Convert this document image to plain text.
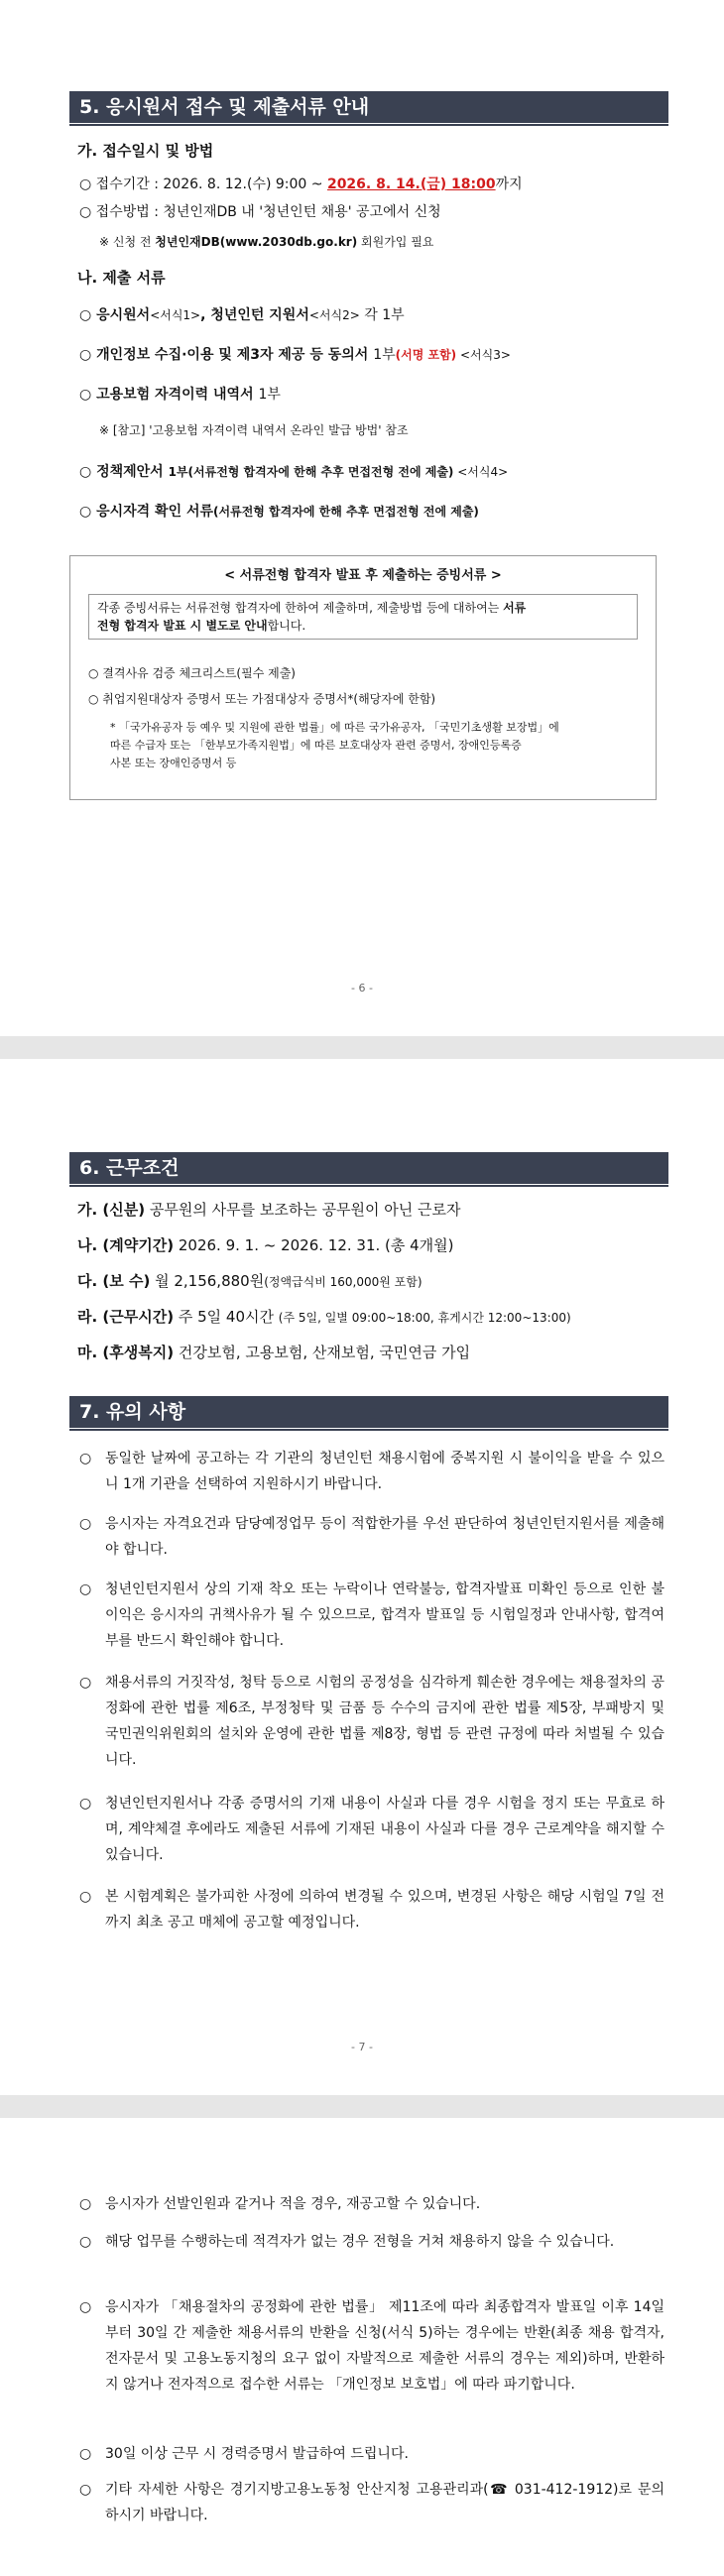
5. 응시원서 접수 및 제출서류 안내
가. 접수일시 및 방법
○ 접수기간 : 2026. 8. 12.(수) 9:00 ~ 2026. 8. 14.(금) 18:00까지
○ 접수방법 : 청년인재DB 내 '청년인턴 채용' 공고에서 신청
※ 신청 전 청년인재DB(www.2030db.go.kr) 회원가입 필요
나. 제출 서류
○ 응시원서<서식1>, 청년인턴 지원서<서식2> 각 1부
○ 개인정보 수집·이용 및 제3자 제공 등 동의서 1부(서명 포함) <서식3>
○ 고용보험 자격이력 내역서 1부
※ [참고] '고용보험 자격이력 내역서 온라인 발급 방법' 참조
○ 정책제안서 1부(서류전형 합격자에 한해 추후 면접전형 전에 제출) <서식4>
○ 응시자격 확인 서류(서류전형 합격자에 한해 추후 면접전형 전에 제출)
< 서류전형 합격자 발표 후 제출하는 증빙서류 >
각종 증빙서류는 서류전형 합격자에 한하여 제출하며, 제출방법 등에 대하여는 서류
전형 합격자 발표 시 별도로 안내합니다.
○ 결격사유 검증 체크리스트(필수 제출)
○ 취업지원대상자 증명서 또는 가점대상자 증명서*(해당자에 한함)
* 「국가유공자 등 예우 및 지원에 관한 법률」에 따른 국가유공자, 「국민기초생활 보장법」에
따른 수급자 또는 「한부모가족지원법」에 따른 보호대상자 관련 증명서, 장애인등록증
사본 또는 장애인증명서 등
- 6 -
6. 근무조건
가. (신분) 공무원의 사무를 보조하는 공무원이 아닌 근로자
나. (계약기간) 2026. 9. 1. ~ 2026. 12. 31. (총 4개월)
다. (보 수) 월 2,156,880원(정액급식비 160,000원 포함)
라. (근무시간) 주 5일 40시간 (주 5일, 일별 09:00~18:00, 휴게시간 12:00~13:00)
마. (후생복지) 건강보험, 고용보험, 산재보험, 국민연금 가입
7. 유의 사항
○ 동일한 날짜에 공고하는 각 기관의 청년인턴 채용시험에 중복지원 시 불이익을 받을 수 있으니 1개 기관을 선택하여 지원하시기 바랍니다.
○ 응시자는 자격요건과 담당예정업무 등이 적합한가를 우선 판단하여 청년인턴지원서를 제출해야 합니다.
○ 청년인턴지원서 상의 기재 착오 또는 누락이나 연락불능, 합격자발표 미확인 등으로 인한 불이익은 응시자의 귀책사유가 될 수 있으므로, 합격자 발표일 등 시험일정과 안내사항, 합격여부를 반드시 확인해야 합니다.
○ 채용서류의 거짓작성, 청탁 등으로 시험의 공정성을 심각하게 훼손한 경우에는 채용절차의 공정화에 관한 법률 제6조, 부정청탁 및 금품 등 수수의 금지에 관한 법률 제5장, 부패방지 및 국민권익위원회의 설치와 운영에 관한 법률 제8장, 형법 등 관련 규정에 따라 처벌될 수 있습니다.
○ 청년인턴지원서나 각종 증명서의 기재 내용이 사실과 다를 경우 시험을 정지 또는 무효로 하며, 계약체결 후에라도 제출된 서류에 기재된 내용이 사실과 다를 경우 근로계약을 해지할 수 있습니다.
○ 본 시험계획은 불가피한 사정에 의하여 변경될 수 있으며, 변경된 사항은 해당 시험일 7일 전까지 최초 공고 매체에 공고할 예정입니다.
- 7 -
○ 응시자가 선발인원과 같거나 적을 경우, 재공고할 수 있습니다.
○ 해당 업무를 수행하는데 적격자가 없는 경우 전형을 거쳐 채용하지 않을 수 있습니다.
○ 응시자가 「채용절차의 공정화에 관한 법률」 제11조에 따라 최종합격자 발표일 이후 14일부터 30일 간 제출한 채용서류의 반환을 신청(서식 5)하는 경우에는 반환(최종 채용 합격자, 전자문서 및 고용노동지청의 요구 없이 자발적으로 제출한 서류의 경우는 제외)하며, 반환하지 않거나 전자적으로 접수한 서류는 「개인정보 보호법」에 따라 파기합니다.
○ 30일 이상 근무 시 경력증명서 발급하여 드립니다.
○ 기타 자세한 사항은 경기지방고용노동청 안산지청 고용관리과(☎ 031-412-1912)로 문의하시기 바랍니다.
